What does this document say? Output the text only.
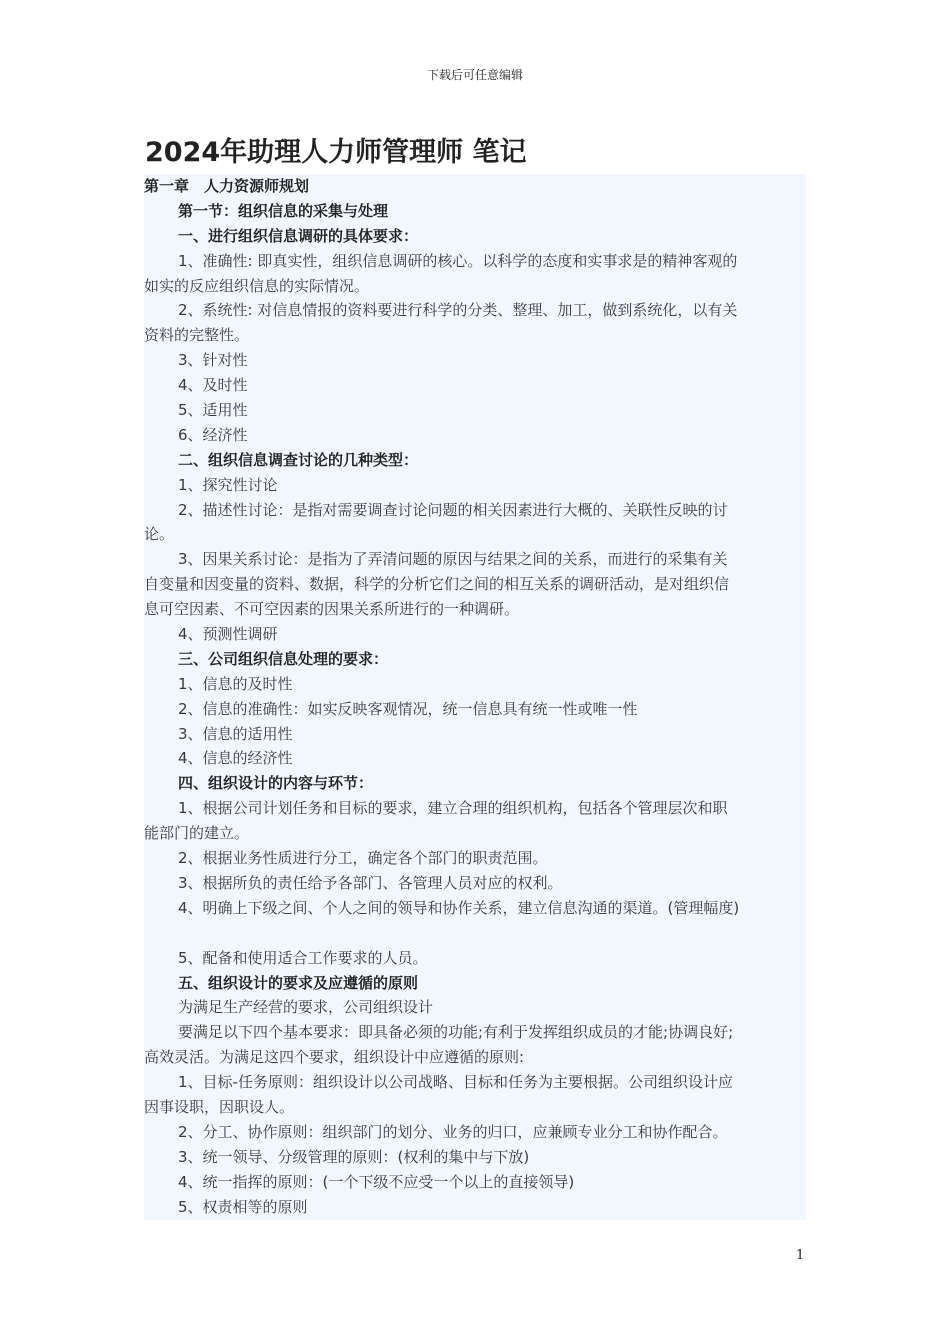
下载后可任意编辑
2024年助理人力师管理师 笔记
第一章　人力资源师规划
第一节：组织信息的采集与处理
一、进行组织信息调研的具体要求：
1、准确性: 即真实性，组织信息调研的核心。以科学的态度和实事求是的精神客观的
如实的反应组织信息的实际情况。
2、系统性: 对信息情报的资料要进行科学的分类、整理、加工，做到系统化，以有关
资料的完整性。
3、针对性
4、及时性
5、适用性
6、经济性
二、组织信息调查讨论的几种类型：
1、探究性讨论
2、描述性讨论：是指对需要调查讨论问题的相关因素进行大概的、关联性反映的讨
论。
3、因果关系讨论：是指为了弄清问题的原因与结果之间的关系，而进行的采集有关
自变量和因变量的资料、数据，科学的分析它们之间的相互关系的调研活动，是对组织信
息可空因素、不可空因素的因果关系所进行的一种调研。
4、预测性调研
三、公司组织信息处理的要求：
1、信息的及时性
2、信息的准确性：如实反映客观情况，统一信息具有统一性或唯一性
3、信息的适用性
4、信息的经济性
四、组织设计的内容与环节：
1、根据公司计划任务和目标的要求，建立合理的组织机构，包括各个管理层次和职
能部门的建立。
2、根据业务性质进行分工，确定各个部门的职责范围。
3、根据所负的责任给予各部门、各管理人员对应的权利。
4、明确上下级之间、个人之间的领导和协作关系，建立信息沟通的渠道。(管理幅度)
5、配备和使用适合工作要求的人员。
五、组织设计的要求及应遵循的原则
为满足生产经营的要求，公司组织设计
要满足以下四个基本要求：即具备必须的功能;有利于发挥组织成员的才能;协调良好;
高效灵活。为满足这四个要求，组织设计中应遵循的原则:
1、目标-任务原则：组织设计以公司战略、目标和任务为主要根据。公司组织设计应
因事设职，因职设人。
2、分工、协作原则：组织部门的划分、业务的归口，应兼顾专业分工和协作配合。
3、统一领导、分级管理的原则：(权利的集中与下放)
4、统一指挥的原则：(一个下级不应受一个以上的直接领导)
5、权责相等的原则
1
